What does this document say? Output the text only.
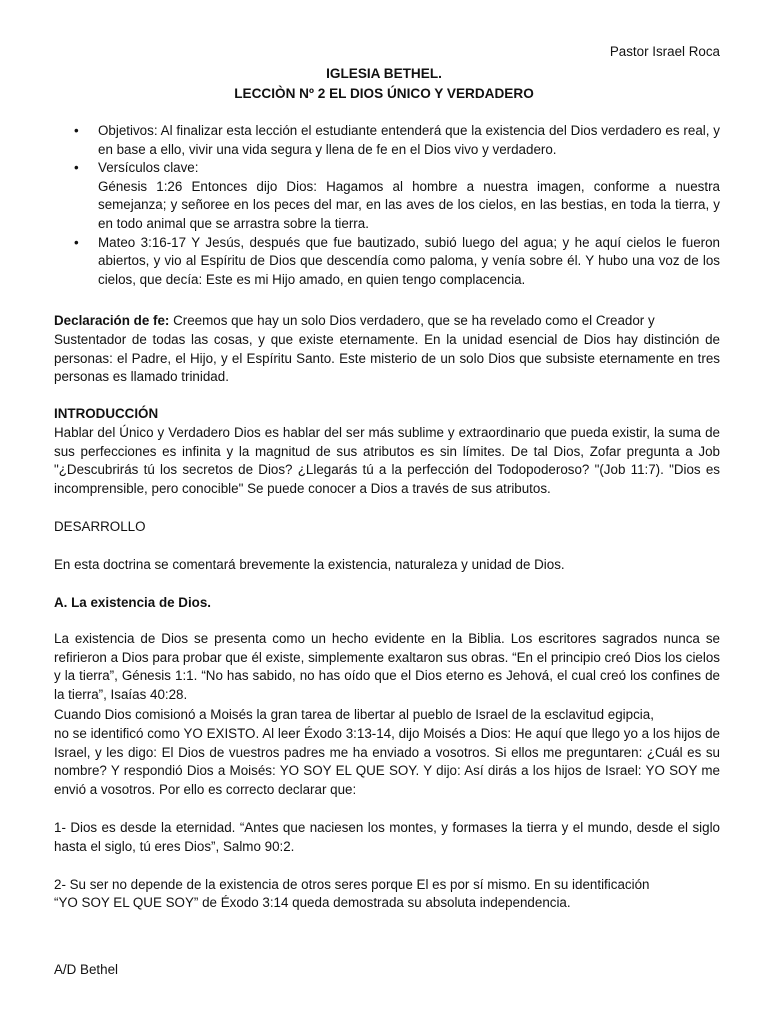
Pastor Israel Roca
IGLESIA BETHEL.
LECCIÒN Nº 2 EL DIOS ÚNICO Y VERDADERO
• Objetivos: Al finalizar esta lección el estudiante entenderá que la existencia del Dios verdadero es real, y en base a ello, vivir una vida segura y llena de fe en el Dios vivo y verdadero.
• Versículos clave:
Génesis 1:26 Entonces dijo Dios: Hagamos al hombre a nuestra imagen, conforme a nuestra semejanza; y señoree en los peces del mar, en las aves de los cielos, en las bestias, en toda la tierra, y en todo animal que se arrastra sobre la tierra.
• Mateo 3:16-17 Y Jesús, después que fue bautizado, subió luego del agua; y he aquí cielos le fueron abiertos, y vio al Espíritu de Dios que descendía como paloma, y venía sobre él. Y hubo una voz de los cielos, que decía: Este es mi Hijo amado, en quien tengo complacencia.
Declaración de fe: Creemos que hay un solo Dios verdadero, que se ha revelado como el Creador y
Sustentador de todas las cosas, y que existe eternamente. En la unidad esencial de Dios hay distinción de personas: el Padre, el Hijo, y el Espíritu Santo. Este misterio de un solo Dios que subsiste eternamente en tres personas es llamado trinidad.
INTRODUCCIÓN
Hablar del Único y Verdadero Dios es hablar del ser más sublime y extraordinario que pueda existir, la suma de sus perfecciones es infinita y la magnitud de sus atributos es sin límites. De tal Dios, Zofar pregunta a Job "¿Descubrirás tú los secretos de Dios? ¿Llegarás tú a la perfección del Todopoderoso? "(Job 11:7). "Dios es incomprensible, pero conocible" Se puede conocer a Dios a través de sus atributos.
DESARROLLO
En esta doctrina se comentará brevemente la existencia, naturaleza y unidad de Dios.
A. La existencia de Dios.
La existencia de Dios se presenta como un hecho evidente en la Biblia. Los escritores sagrados nunca se refirieron a Dios para probar que él existe, simplemente exaltaron sus obras. “En el principio creó Dios los cielos y la tierra”, Génesis 1:1. “No has sabido, no has oído que el Dios eterno es Jehová, el cual creó los confines de la tierra”, Isaías 40:28.
Cuando Dios comisionó a Moisés la gran tarea de libertar al pueblo de Israel de la esclavitud egipcia,
no se identificó como YO EXISTO. Al leer Éxodo 3:13-14, dijo Moisés a Dios: He aquí que llego yo a los hijos de Israel, y les digo: El Dios de vuestros padres me ha enviado a vosotros. Si ellos me preguntaren: ¿Cuál es su nombre? Y respondió Dios a Moisés: YO SOY EL QUE SOY. Y dijo: Así dirás a los hijos de Israel: YO SOY me envió a vosotros. Por ello es correcto declarar que:
1- Dios es desde la eternidad. “Antes que naciesen los montes, y formases la tierra y el mundo, desde el siglo hasta el siglo, tú eres Dios”, Salmo 90:2.
2- Su ser no depende de la existencia de otros seres porque El es por sí mismo. En su identificación
“YO SOY EL QUE SOY” de Éxodo 3:14 queda demostrada su absoluta independencia.
A/D Bethel
